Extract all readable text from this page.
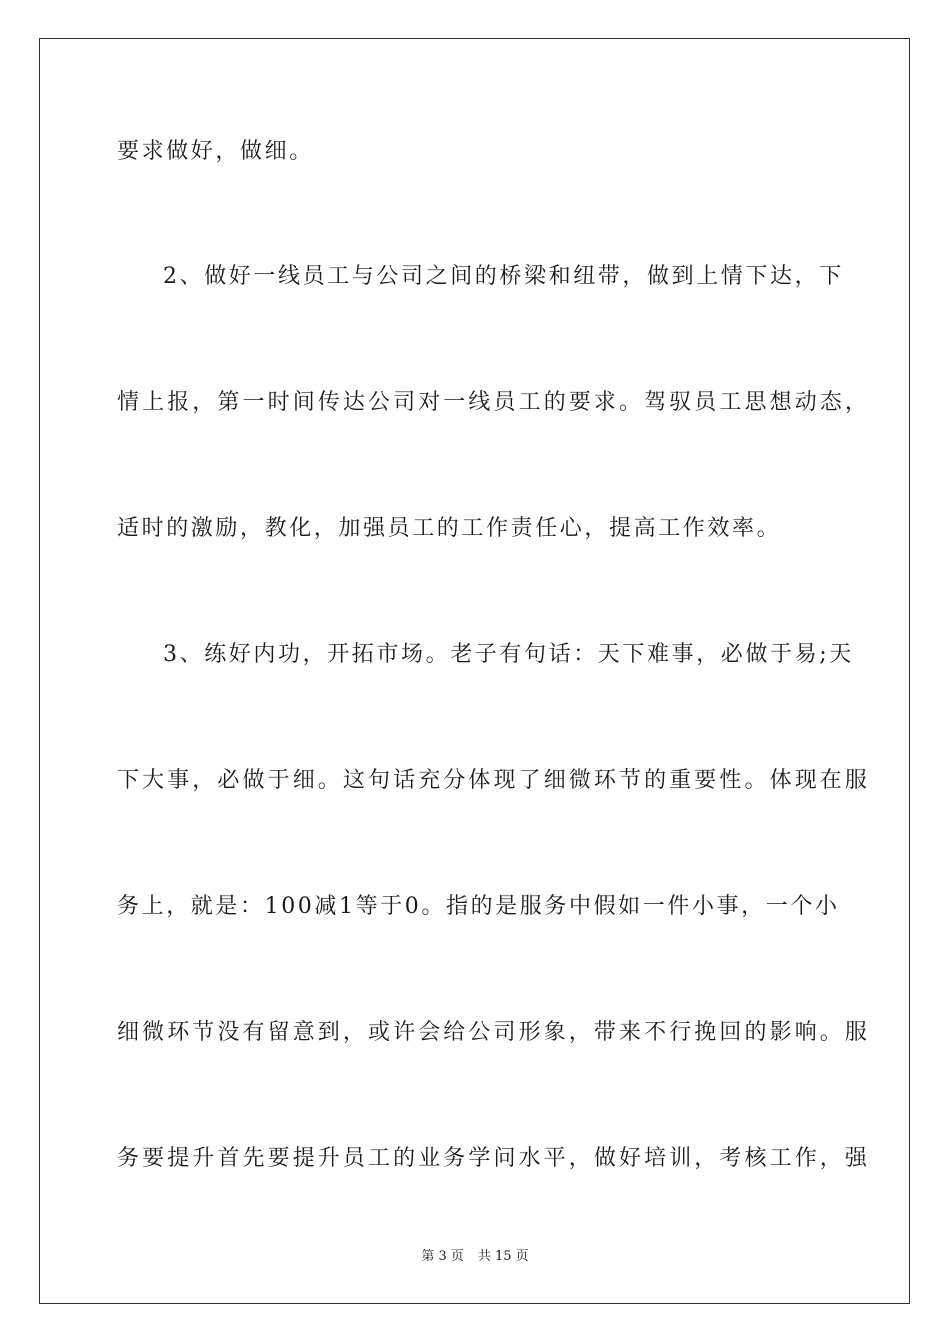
要求做好，做细。
2、做好一线员工与公司之间的桥梁和纽带，做到上情下达，下
情上报，第一时间传达公司对一线员工的要求。驾驭员工思想动态，
适时的激励，教化，加强员工的工作责任心，提高工作效率。
3、练好内功，开拓市场。老子有句话：天下难事，必做于易;天
下大事，必做于细。这句话充分体现了细微环节的重要性。体现在服
务上，就是：100减1等于0。指的是服务中假如一件小事，一个小
细微环节没有留意到，或许会给公司形象，带来不行挽回的影响。服
务要提升首先要提升员工的业务学问水平，做好培训，考核工作，强
第 3 页 共 15 页
